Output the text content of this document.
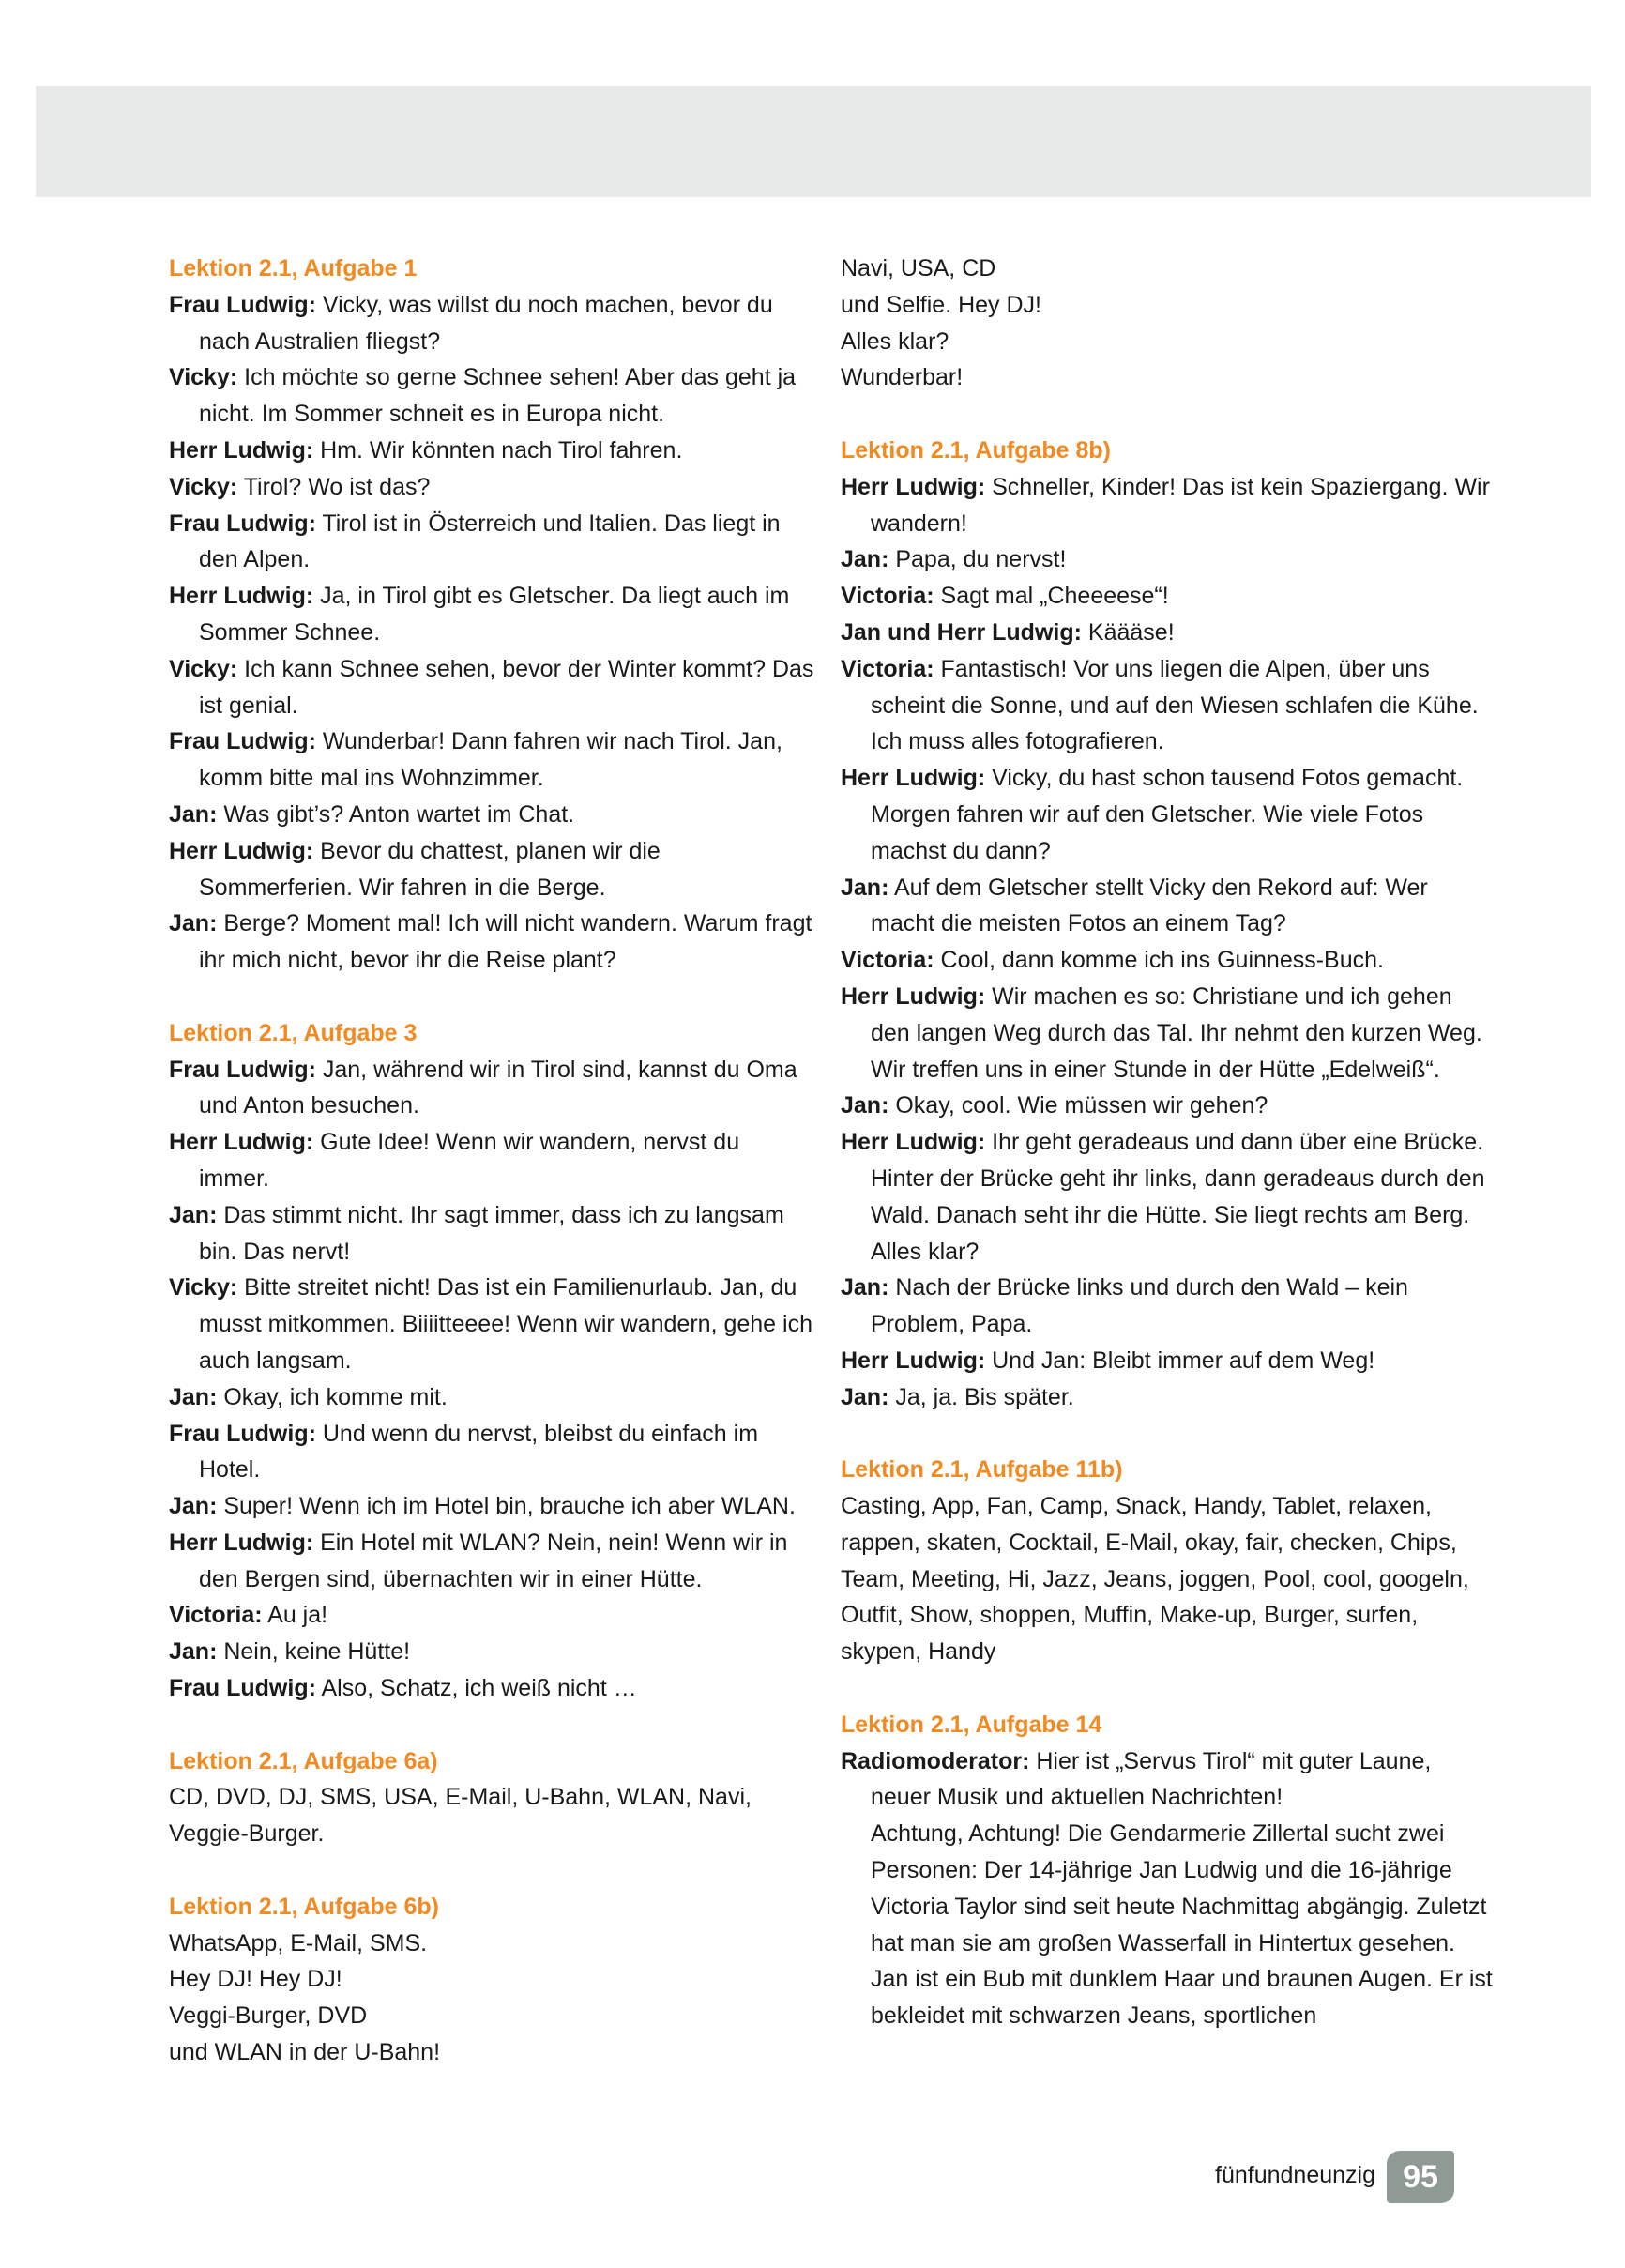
Lektion 2.1, Aufgabe 1
Frau Ludwig: Vicky, was willst du noch machen, bevor du nach Australien fliegst?
Vicky: Ich möchte so gerne Schnee sehen! Aber das geht ja nicht. Im Sommer schneit es in Europa nicht.
Herr Ludwig: Hm. Wir könnten nach Tirol fahren.
Vicky: Tirol? Wo ist das?
Frau Ludwig: Tirol ist in Österreich und Italien. Das liegt in den Alpen.
Herr Ludwig: Ja, in Tirol gibt es Gletscher. Da liegt auch im Sommer Schnee.
Vicky: Ich kann Schnee sehen, bevor der Winter kommt? Das ist genial.
Frau Ludwig: Wunderbar! Dann fahren wir nach Tirol. Jan, komm bitte mal ins Wohnzimmer.
Jan: Was gibt’s? Anton wartet im Chat.
Herr Ludwig: Bevor du chattest, planen wir die Sommerferien. Wir fahren in die Berge.
Jan: Berge? Moment mal! Ich will nicht wandern. Warum fragt ihr mich nicht, bevor ihr die Reise plant?
Lektion 2.1, Aufgabe 3
Frau Ludwig: Jan, während wir in Tirol sind, kannst du Oma und Anton besuchen.
Herr Ludwig: Gute Idee! Wenn wir wandern, nervst du immer.
Jan: Das stimmt nicht. Ihr sagt immer, dass ich zu langsam bin. Das nervt!
Vicky: Bitte streitet nicht! Das ist ein Familienurlaub. Jan, du musst mitkommen. Biiiitteeee! Wenn wir wandern, gehe ich auch langsam.
Jan: Okay, ich komme mit.
Frau Ludwig: Und wenn du nervst, bleibst du einfach im Hotel.
Jan: Super! Wenn ich im Hotel bin, brauche ich aber WLAN.
Herr Ludwig: Ein Hotel mit WLAN? Nein, nein! Wenn wir in den Bergen sind, übernachten wir in einer Hütte.
Victoria: Au ja!
Jan: Nein, keine Hütte!
Frau Ludwig: Also, Schatz, ich weiß nicht …
Lektion 2.1, Aufgabe 6a)
CD, DVD, DJ, SMS, USA, E-Mail, U-Bahn, WLAN, Navi, Veggie-Burger.
Lektion 2.1, Aufgabe 6b)
WhatsApp, E-Mail, SMS.
Hey DJ! Hey DJ!
Veggi-Burger, DVD
und WLAN in der U-Bahn!
Navi, USA, CD
und Selfie. Hey DJ!
Alles klar?
Wunderbar!
Lektion 2.1, Aufgabe 8b)
Herr Ludwig: Schneller, Kinder! Das ist kein Spaziergang. Wir wandern!
Jan: Papa, du nervst!
Victoria: Sagt mal „Cheeeese“!
Jan und Herr Ludwig: Käääse!
Victoria: Fantastisch! Vor uns liegen die Alpen, über uns scheint die Sonne, und auf den Wiesen schlafen die Kühe. Ich muss alles fotografieren.
Herr Ludwig: Vicky, du hast schon tausend Fotos gemacht. Morgen fahren wir auf den Gletscher. Wie viele Fotos machst du dann?
Jan: Auf dem Gletscher stellt Vicky den Rekord auf: Wer macht die meisten Fotos an einem Tag?
Victoria: Cool, dann komme ich ins Guinness-Buch.
Herr Ludwig: Wir machen es so: Christiane und ich gehen den langen Weg durch das Tal. Ihr nehmt den kurzen Weg. Wir treffen uns in einer Stunde in der Hütte „Edelweiß“.
Jan: Okay, cool. Wie müssen wir gehen?
Herr Ludwig: Ihr geht geradeaus und dann über eine Brücke. Hinter der Brücke geht ihr links, dann geradeaus durch den Wald. Danach seht ihr die Hütte. Sie liegt rechts am Berg. Alles klar?
Jan: Nach der Brücke links und durch den Wald – kein Problem, Papa.
Herr Ludwig: Und Jan: Bleibt immer auf dem Weg!
Jan: Ja, ja. Bis später.
Lektion 2.1, Aufgabe 11b)
Casting, App, Fan, Camp, Snack, Handy, Tablet, relaxen, rappen, skaten, Cocktail, E-Mail, okay, fair, checken, Chips, Team, Meeting, Hi, Jazz, Jeans, joggen, Pool, cool, googeln, Outfit, Show, shoppen, Muffin, Make-up, Burger, surfen, skypen, Handy
Lektion 2.1, Aufgabe 14
Radiomoderator: Hier ist „Servus Tirol“ mit guter Laune, neuer Musik und aktuellen Nachrichten!
Achtung, Achtung! Die Gendarmerie Zillertal sucht zwei Personen: Der 14-jährige Jan Ludwig und die 16-jährige Victoria Taylor sind seit heute Nachmittag abgängig. Zuletzt hat man sie am großen Wasserfall in Hintertux gesehen.
Jan ist ein Bub mit dunklem Haar und braunen Augen. Er ist bekleidet mit schwarzen Jeans, sportlichen
fünfundneunzig 95
